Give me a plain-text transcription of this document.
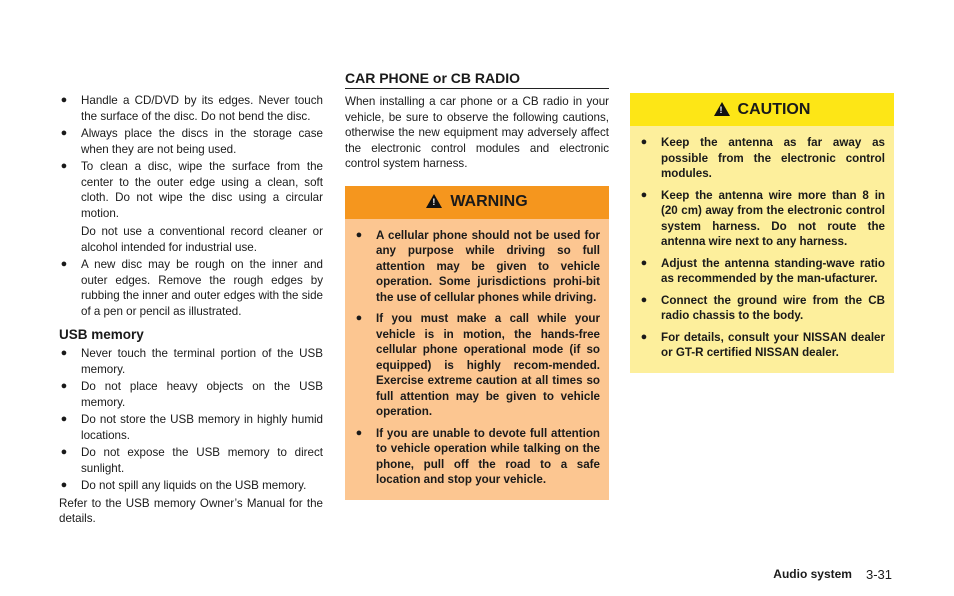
● Handle a CD/DVD by its edges. Never touch the surface of the disc. Do not bend the disc.
● Always place the discs in the storage case when they are not being used.
● To clean a disc, wipe the surface from the center to the outer edge using a clean, soft cloth. Do not wipe the disc using a circular motion.
Do not use a conventional record cleaner or alcohol intended for industrial use.
● A new disc may be rough on the inner and outer edges. Remove the rough edges by rubbing the inner and outer edges with the side of a pen or pencil as illustrated.
USB memory
● Never touch the terminal portion of the USB memory.
● Do not place heavy objects on the USB memory.
● Do not store the USB memory in highly humid locations.
● Do not expose the USB memory to direct sunlight.
● Do not spill any liquids on the USB memory.

Refer to the USB memory Owner’s Manual for the details.

CAR PHONE or CB RADIO

When installing a car phone or a CB radio in your vehicle, be sure to observe the following cautions, otherwise the new equipment may adversely affect the electronic control modules and electronic control system harness.

!
WARNING
● A cellular phone should not be used for any purpose while driving so full attention may be given to vehicle operation. Some jurisdictions prohi-bit the use of cellular phones while driving.
● If you must make a call while your vehicle is in motion, the hands-free cellular phone operational mode (if so equipped) is highly recom-mended. Exercise extreme caution at all times so full attention may be given to vehicle operation.
● If you are unable to devote full attention to vehicle operation while talking on the phone, pull off the road to a safe location and stop your vehicle.
!
CAUTION
● Keep the antenna as far away as possible from the electronic control modules.
● Keep the antenna wire more than 8 in (20 cm) away from the electronic control system harness. Do not route the antenna wire next to any harness.
● Adjust the antenna standing-wave ratio as recommended by the man-ufacturer.
● Connect the ground wire from the CB radio chassis to the body.
● For details, consult your NISSAN dealer or GT-R certified NISSAN dealer.
Audio system 3-31
